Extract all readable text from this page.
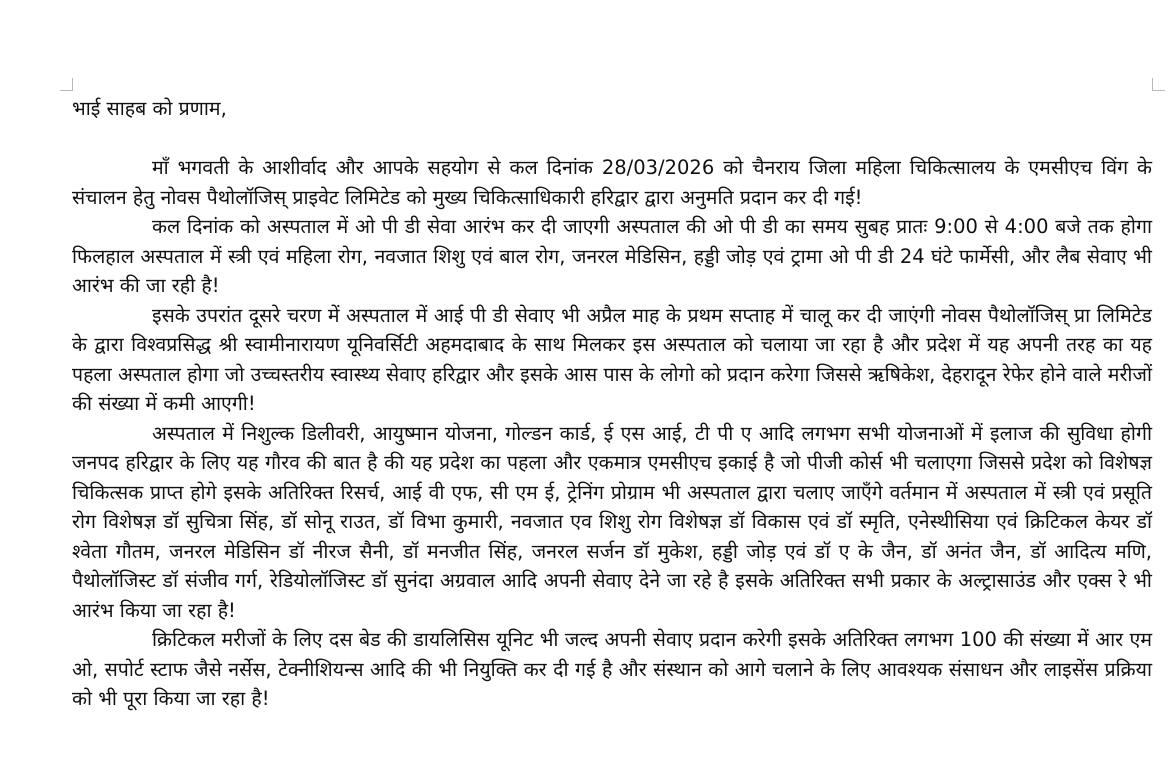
भाई साहब को प्रणाम,

माँ भगवती के आशीर्वाद और आपके सहयोग से कल दिनांक 28/03/2026 को चैनराय जिला महिला चिकित्सालय के एमसीएच विंग के संचालन हेतु नोवस पैथोलॉजिस् प्राइवेट लिमिटेड को मुख्य चिकित्साधिकारी हरिद्वार द्वारा अनुमति प्रदान कर दी गई!

कल दिनांक को अस्पताल में ओ पी डी सेवा आरंभ कर दी जाएगी अस्पताल की ओ पी डी का समय सुबह प्रातः 9:00 से 4:00 बजे तक होगा फिलहाल अस्पताल में स्त्री एवं महिला रोग, नवजात शिशु एवं बाल रोग, जनरल मेडिसिन, हड्डी जोड़ एवं ट्रामा ओ पी डी 24 घंटे फार्मेसी, और लैब सेवाए भी आरंभ की जा रही है!

इसके उपरांत दूसरे चरण में अस्पताल में आई पी डी सेवाए भी अप्रैल माह के प्रथम सप्ताह में चालू कर दी जाएंगी नोवस पैथोलॉजिस् प्रा लिमिटेड के द्वारा विश्वप्रसिद्ध श्री स्वामीनारायण यूनिवर्सिटी अहमदाबाद के साथ मिलकर इस अस्पताल को चलाया जा रहा है और प्रदेश में यह अपनी तरह का यह पहला अस्पताल होगा जो उच्चस्तरीय स्वास्थ्य सेवाए हरिद्वार और इसके आस पास के लोगो को प्रदान करेगा जिससे ऋषिकेश, देहरादून रेफेर होने वाले मरीजों की संख्या में कमी आएगी!

अस्पताल में निशुल्क डिलीवरी, आयुष्मान योजना, गोल्डन कार्ड, ई एस आई, टी पी ए आदि लगभग सभी योजनाओं में इलाज की सुविधा होगी जनपद हरिद्वार के लिए यह गौरव की बात है की यह प्रदेश का पहला और एकमात्र एमसीएच इकाई है जो पीजी कोर्स भी चलाएगा जिससे प्रदेश को विशेषज्ञ चिकित्सक प्राप्त होगे इसके अतिरिक्त रिसर्च, आई वी एफ, सी एम ई, ट्रेनिंग प्रोग्राम भी अस्पताल द्वारा चलाए जाएँगे वर्तमान में अस्पताल में स्त्री एवं प्रसूति रोग विशेषज्ञ डॉ सुचित्रा सिंह, डॉ सोनू राउत, डॉ विभा कुमारी, नवजात एव शिशु रोग विशेषज्ञ डॉ विकास एवं डॉ स्मृति, एनेस्थीसिया एवं क्रिटिकल केयर डॉ श्वेता गौतम, जनरल मेडिसिन डॉ नीरज सैनी, डॉ मनजीत सिंह, जनरल सर्जन डॉ मुकेश, हड्डी जोड़ एवं डॉ ए के जैन, डॉ अनंत जैन, डॉ आदित्य मणि, पैथोलॉजिस्ट डॉ संजीव गर्ग, रेडियोलॉजिस्ट डॉ सुनंदा अग्रवाल आदि अपनी सेवाए देने जा रहे है इसके अतिरिक्त सभी प्रकार के अल्ट्रासाउंड और एक्स रे भी आरंभ किया जा रहा है!

क्रिटिकल मरीजों के लिए दस बेड की डायलिसिस यूनिट भी जल्द अपनी सेवाए प्रदान करेगी इसके अतिरिक्त लगभग 100 की संख्या में आर एम ओ, सपोर्ट स्टाफ जैसे नर्सेस, टेक्नीशियन्स आदि की भी नियुक्ति कर दी गई है और संस्थान को आगे चलाने के लिए आवश्यक संसाधन और लाइसेंस प्रक्रिया को भी पूरा किया जा रहा है!
